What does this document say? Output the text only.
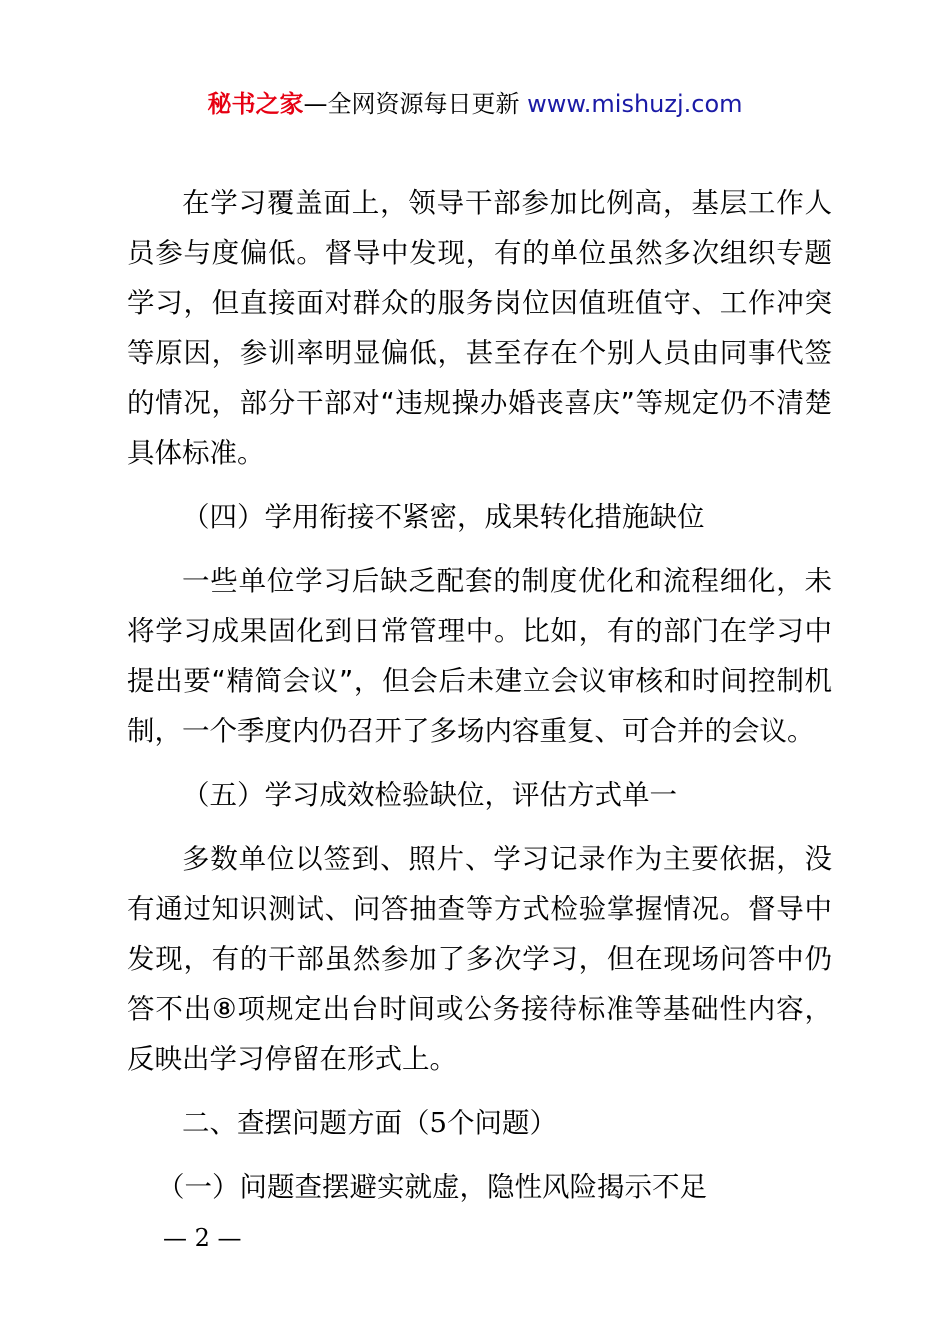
秘书之家—全网资源每日更新 www.mishuzj.com

在学习覆盖面上，领导干部参加比例高，基层工作人员参与度偏低。督导中发现，有的单位虽然多次组织专题学习，但直接面对群众的服务岗位因值班值守、工作冲突等原因，参训率明显偏低，甚至存在个别人员由同事代签的情况，部分干部对“违规操办婚丧喜庆”等规定仍不清楚具体标准。

（四）学用衔接不紧密，成果转化措施缺位

一些单位学习后缺乏配套的制度优化和流程细化，未将学习成果固化到日常管理中。比如，有的部门在学习中提出要“精简会议”，但会后未建立会议审核和时间控制机制，一个季度内仍召开了多场内容重复、可合并的会议。

（五）学习成效检验缺位，评估方式单一

多数单位以签到、照片、学习记录作为主要依据，没有通过知识测试、问答抽查等方式检验掌握情况。督导中发现，有的干部虽然参加了多次学习，但在现场问答中仍答不出⑧项规定出台时间或公务接待标准等基础性内容，反映出学习停留在形式上。

二、查摆问题方面（5个问题）

（一）问题查摆避实就虚，隐性风险揭示不足

— 2 —
